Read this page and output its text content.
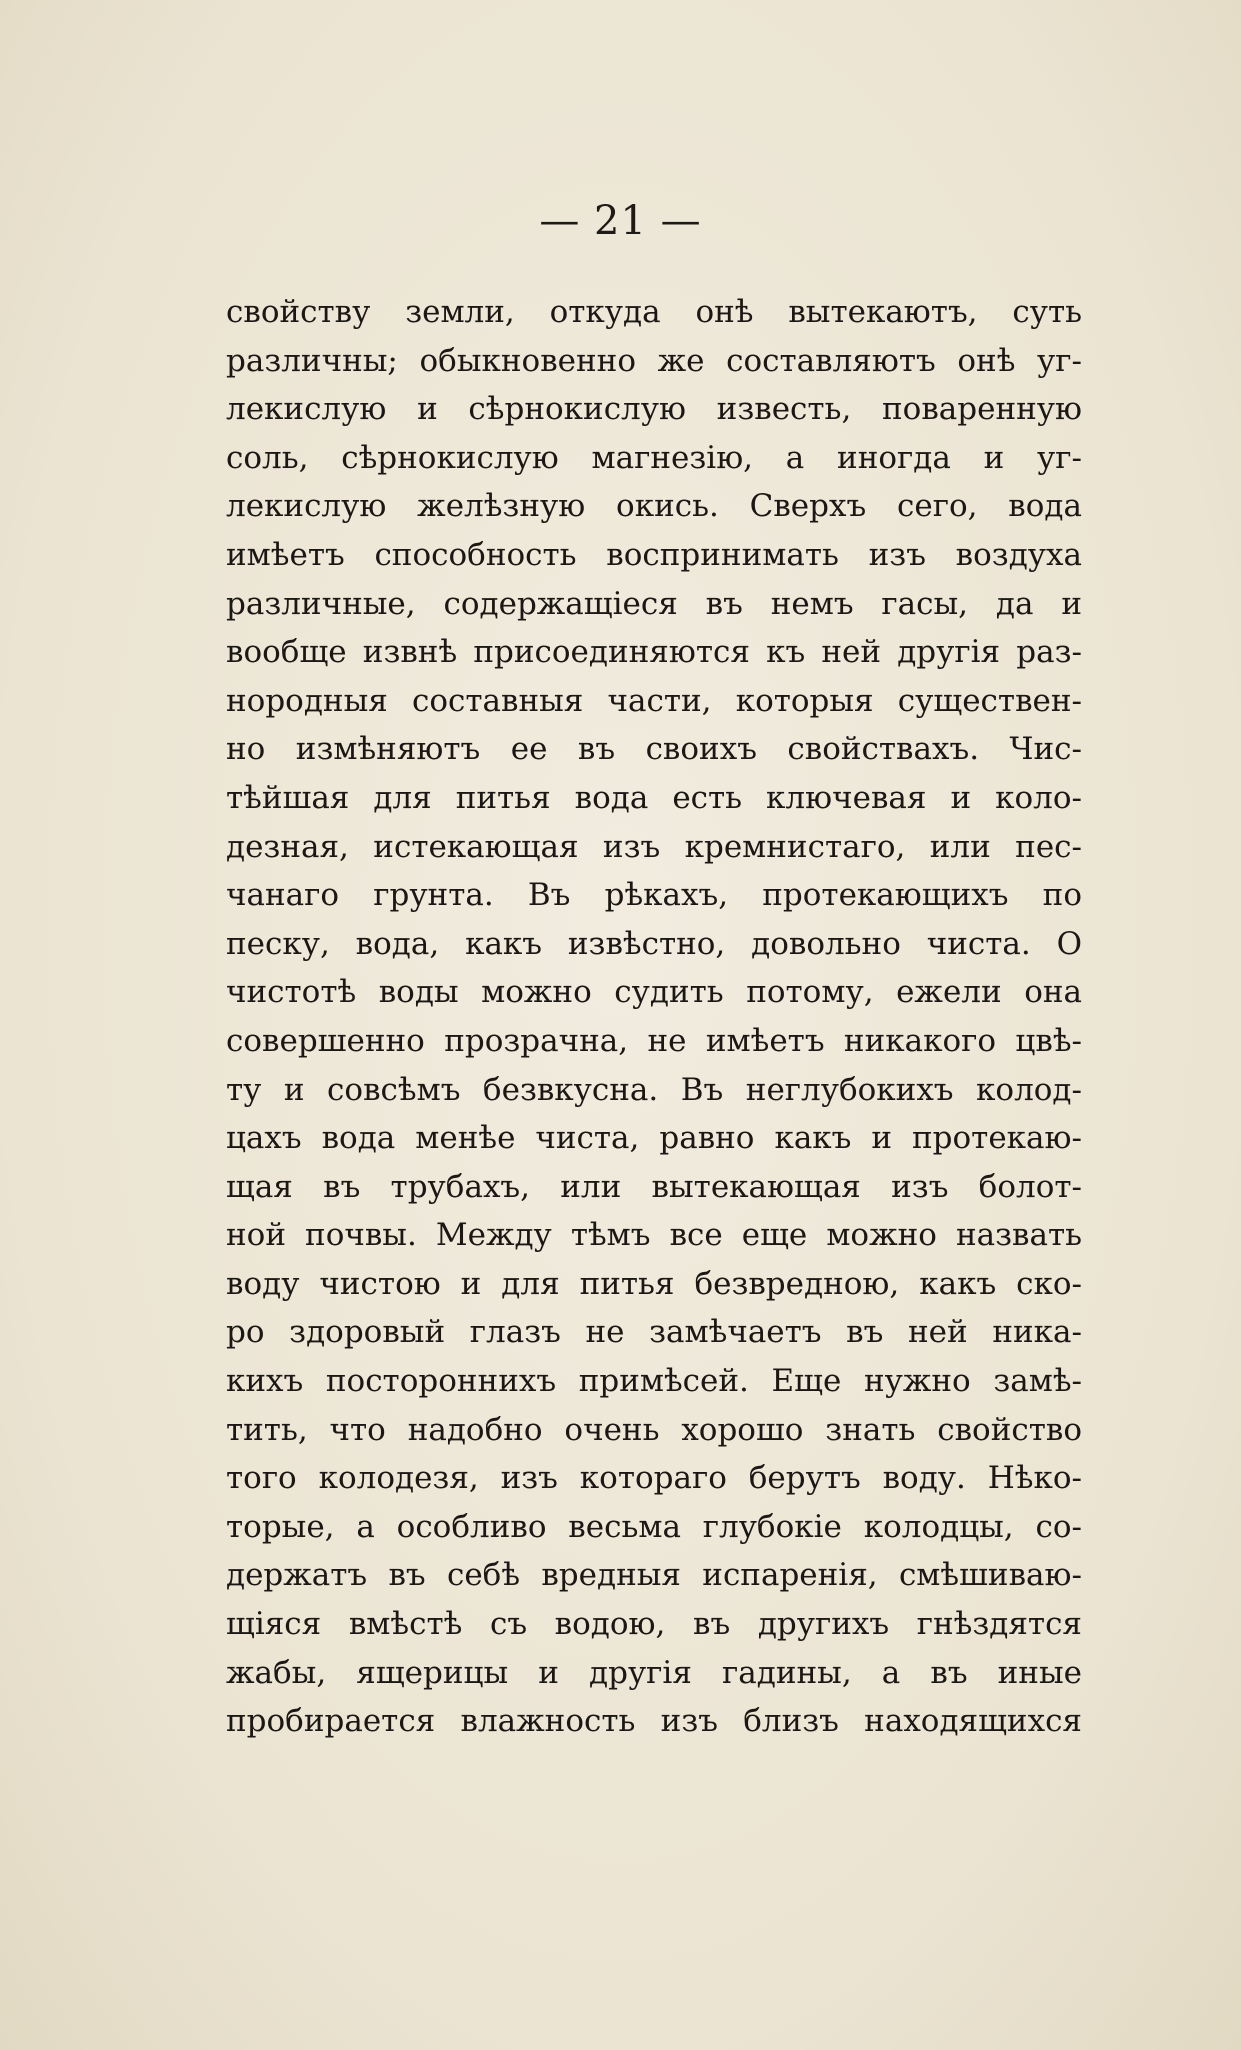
— 21 —
свойству земли, откуда онѣ вытекаютъ, суть
различны; обыкновенно же составляютъ онѣ уг-
лекислую и сѣрнокислую известь, поваренную
соль, сѣрнокислую магнезiю, а иногда и уг-
лекислую желѣзную окись. Сверхъ сего, вода
имѣетъ способность воспринимать изъ воздуха
различные, содержащiеся въ немъ гасы, да и
вообще извнѣ присоединяются къ ней другiя раз-
нородныя составныя части, которыя существен-
но измѣняютъ ее въ своихъ свойствахъ. Чис-
тѣйшая для питья вода есть ключевая и коло-
дезная, истекающая изъ кремнистаго, или пес-
чанаго грунта. Въ рѣкахъ, протекающихъ по
песку, вода, какъ извѣстно, довольно чиста. О
чистотѣ воды можно судить потому, ежели она
совершенно прозрачна, не имѣетъ никакого цвѣ-
ту и совсѣмъ безвкусна. Въ неглубокихъ колод-
цахъ вода менѣе чиста, равно какъ и протекаю-
щая въ трубахъ, или вытекающая изъ болот-
ной почвы. Между тѣмъ все еще можно назвать
воду чистою и для питья безвредною, какъ ско-
ро здоровый глазъ не замѣчаетъ въ ней ника-
кихъ постороннихъ примѣсей. Еще нужно замѣ-
тить, что надобно очень хорошо знать свойство
того колодезя, изъ котораго берутъ воду. Нѣко-
торые, а особливо весьма глубокiе колодцы, со-
держатъ въ себѣ вредныя испаренiя, смѣшиваю-
щiяся вмѣстѣ съ водою, въ другихъ гнѣздятся
жабы, ящерицы и другiя гадины, а въ иные
пробирается влажность изъ близъ находящихся
